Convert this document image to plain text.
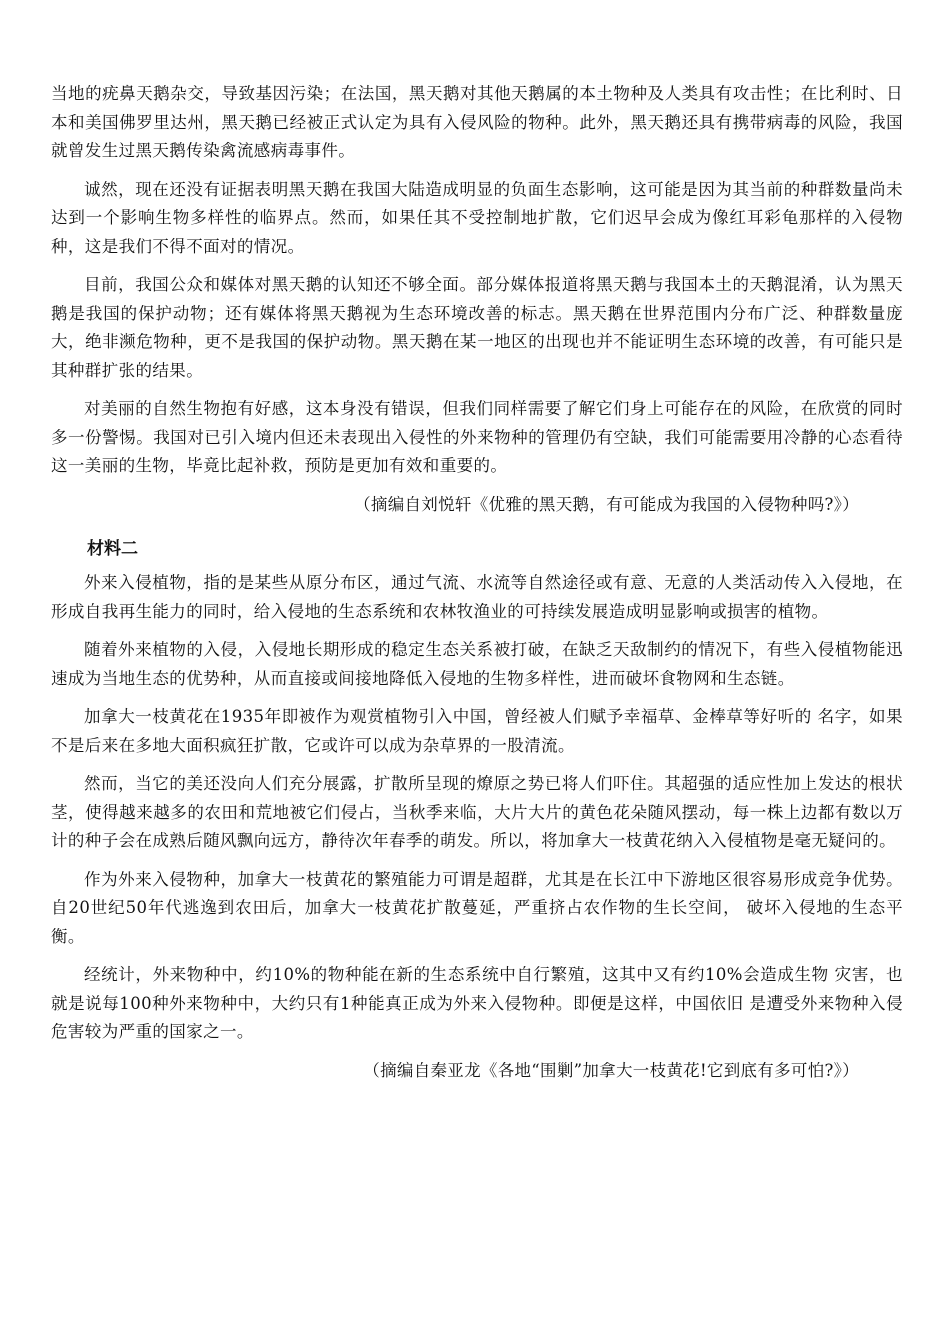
当地的疣鼻天鹅杂交，导致基因污染；在法国，黑天鹅对其他天鹅属的本土物种及人类具有攻击性；在比利时、日本和美国佛罗里达州，黑天鹅已经被正式认定为具有入侵风险的物种。此外，黑天鹅还具有携带病毒的风险，我国就曾发生过黑天鹅传染禽流感病毒事件。

诚然，现在还没有证据表明黑天鹅在我国大陆造成明显的负面生态影响，这可能是因为其当前的种群数量尚未达到一个影响生物多样性的临界点。然而，如果任其不受控制地扩散，它们迟早会成为像红耳彩龟那样的入侵物种，这是我们不得不面对的情况。

目前，我国公众和媒体对黑天鹅的认知还不够全面。部分媒体报道将黑天鹅与我国本土的天鹅混淆，认为黑天鹅是我国的保护动物；还有媒体将黑天鹅视为生态环境改善的标志。黑天鹅在世界范围内分布广泛、种群数量庞大，绝非濒危物种，更不是我国的保护动物。黑天鹅在某一地区的出现也并不能证明生态环境的改善，有可能只是其种群扩张的结果。

对美丽的自然生物抱有好感，这本身没有错误，但我们同样需要了解它们身上可能存在的风险，在欣赏的同时多一份警惕。我国对已引入境内但还未表现出入侵性的外来物种的管理仍有空缺，我们可能需要用冷静的心态看待这一美丽的生物，毕竟比起补救，预防是更加有效和重要的。

（摘编自刘悦轩《优雅的黑天鹅，有可能成为我国的入侵物种吗?》）

材料二

外来入侵植物，指的是某些从原分布区，通过气流、水流等自然途径或有意、无意的人类活动传入入侵地，在形成自我再生能力的同时，给入侵地的生态系统和农林牧渔业的可持续发展造成明显影响或损害的植物。

随着外来植物的入侵，入侵地长期形成的稳定生态关系被打破，在缺乏天敌制约的情况下，有些入侵植物能迅速成为当地生态的优势种，从而直接或间接地降低入侵地的生物多样性，进而破坏食物网和生态链。

加拿大一枝黄花在1935年即被作为观赏植物引入中国，曾经被人们赋予幸福草、金棒草等好听的 名字，如果不是后来在多地大面积疯狂扩散，它或许可以成为杂草界的一股清流。

然而，当它的美还没向人们充分展露，扩散所呈现的燎原之势已将人们吓住。其超强的适应性加上发达的根状茎，使得越来越多的农田和荒地被它们侵占，当秋季来临，大片大片的黄色花朵随风摆动，每一株上边都有数以万计的种子会在成熟后随风飘向远方，静待次年春季的萌发。所以，将加拿大一枝黄花纳入入侵植物是毫无疑问的。

作为外来入侵物种，加拿大一枝黄花的繁殖能力可谓是超群，尤其是在长江中下游地区很容易形成竞争优势。自20世纪50年代逃逸到农田后，加拿大一枝黄花扩散蔓延，严重挤占农作物的生长空间， 破坏入侵地的生态平衡。

经统计，外来物种中，约10%的物种能在新的生态系统中自行繁殖，这其中又有约10%会造成生物 灾害，也就是说每100种外来物种中，大约只有1种能真正成为外来入侵物种。即便是这样，中国依旧 是遭受外来物种入侵危害较为严重的国家之一。

（摘编自秦亚龙《各地“围剿”加拿大一枝黄花!它到底有多可怕?》）
